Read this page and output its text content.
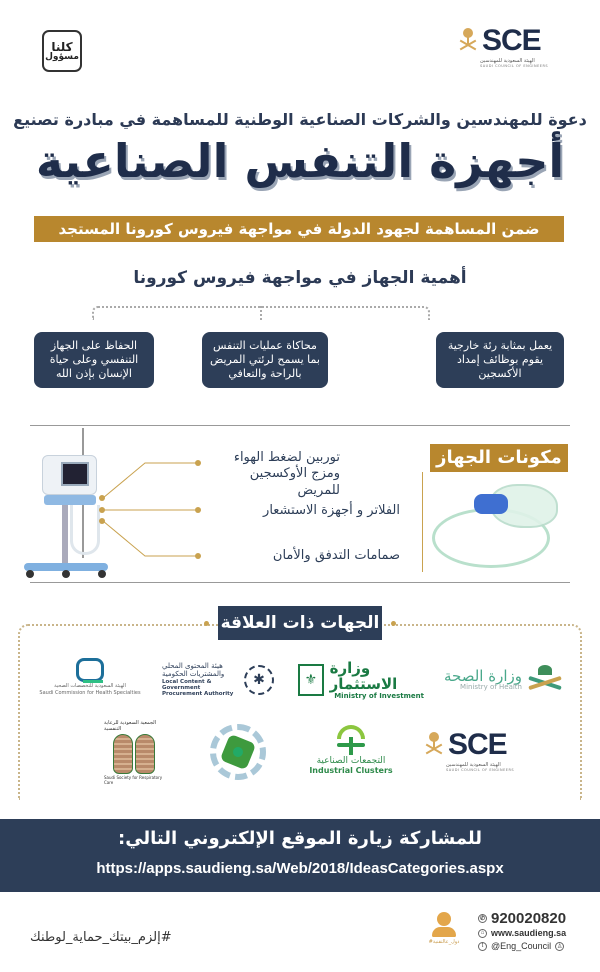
كلنا
مسؤول	SCE
الهيئة السعودية للمهندسين
SAUDI COUNCIL OF ENGINEERS
دعوة للمهندسين والشركات الصناعية الوطنية للمساهمة في مبادرة تصنيع
أجهزة التنفس الصناعية
ضمن المساهمة لجهود الدولة في مواجهة فيروس كورونا المستجد
أهمية الجهاز في مواجهة فيروس كورونا
يعمل بمثابة رئة خارجية يقوم بوظائف إمداد الأكسجين
محاكاة عمليات التنفس بما يسمح لرئتي المريض بالراحة والتعافي
الحفاظ على الجهاز التنفسي وعلى حياة الإنسان بإذن الله
توربين لضغط الهواء ومزج الأوكسجين للمريض
الفلاتر و أجهزة الاستشعار
صمامات التدفق والأمان
مكونات الجهاز
الجهات ذات العلاقة
وزارة الصحة
Ministry of Health
⚜
وزارة الاستثمار
Ministry of Investment
هيئة المحتوى المحلي والمشتريات الحكومية
Local Content & Government Procurement Authority
✱
الهيئة السعودية للتخصصات الصحية
Saudi Commission for Health Specialties
SCE
الهيئة السعودية للمهندسين
SAUDI COUNCIL OF ENGINEERS
التجمعات الصناعية
Industrial Clusters
الجمعية السعودية للرعاية التنفسية
Saudi Society for Respiratory Care
للمشاركة زيارة الموقع الإلكتروني التالي:
https://apps.saudieng.sa/Web/2018/IdeasCategories.aspx
#إلزم_بيتك_حماية_لوطنك	#دول_عالتقنية
✆ 920020820
⌂ www.saudieng.sa
t @Eng_Council ♙
